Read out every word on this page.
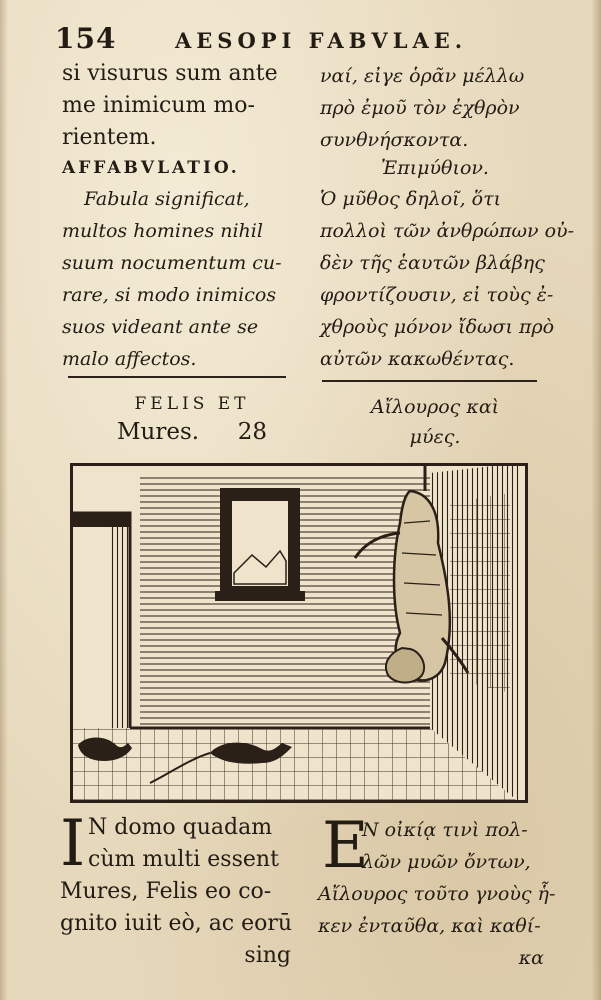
154	AESOPI FABVLAE.

si visurus sum ante

me inimicum mo-

rientem.

ναί, εἰγε ὁρᾶν μέλλω

πρὸ ἐμοῦ τὸν ἐχθρὸν

συνθνήσκοντα.

AFFABVLATIO.

Fabula significat,

multos homines nihil

suum nocumentum cu-

rare, si modo inimicos

suos videant ante se

malo affectos.

Ἐπιμύθιον.

Ὁ μῦθος δηλοῖ, ὅτι

πολλοὶ τῶν ἀνθρώπων οὐ-

δὲν τῆς ἑαυτῶν βλάβης

φροντίζουσιν, εἰ τοὺς ἐ-

χθροὺς μόνον ἴδωσι πρὸ

αὐτῶν κακωθέντας.

FELIS ET
Mures. 28
Αἴλουρος καὶ
μύες.
I N domo quadam

cùm multi essent

Mures, Felis eo co-

gnito iuit eò, ac eorū

sing

E

Ν οἰκίᾳ τινὶ πολ-

λῶν μυῶν ὄντων,

Αἴλουρος τοῦτο γνοὺς ἧ-

κεν ἐνταῦθα, καὶ καθί-

κα
